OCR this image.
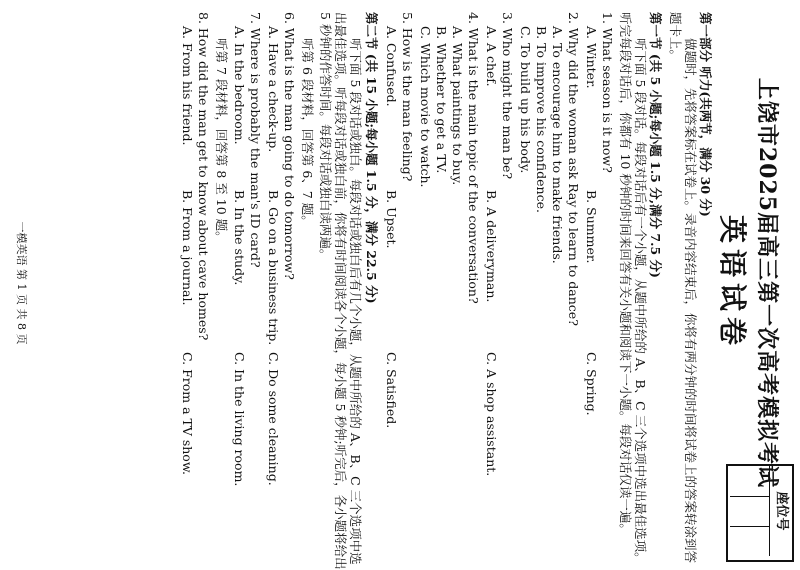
上饶市2025届高三第一次高考模拟考试
英语试卷
座位号
第一部分 听力(共两节，满分 30 分)
做题时，先将答案标在试卷上。录音内容结束后，你将有两分钟的时间将试卷上的答案转涂到答
题卡上。
第一节 (共 5 小题;每小题 1.5 分,满分 7.5 分)
听下面 5 段对话。每段对话后有一个小题，从题中所给的 A、B、C 三个选项中选出最佳选项。
听完每段对话后，你都有 10 秒钟的时间来回答有关小题和阅读下一小题。每段对话仅读一遍。
1. What season is it now?
A. Winter.
B. Summer.
C. Spring.
2. Why did the woman ask Ray to learn to dance?
A. To encourage him to make friends.
B. To improve his confidence.
C. To build up his body.
3. Who might the man be?
A. A chef.
B. A deliveryman.
C. A shop assistant.
4. What is the main topic of the conversation?
A. What paintings to buy.
B. Whether to get a TV.
C. Which movie to watch.
5. How is the man feeling?
A. Confused.
B. Upset.
C. Satisfied.
第二节 (共 15 小题;每小题 1.5 分，满分 22.5 分)
听下面 5 段对话或独白。每段对话或独白后有几个小题，从题中所给的 A、B、C 三个选项中选
出最佳选项。听每段对话或独白前，你将有时间阅读各个小题，每小题 5 秒钟;听完后，各小题将给出
5 秒钟的作答时间。每段对话或独白读两遍。
听第 6 段材料，回答第 6、7 题。
6. What is the man going to do tomorrow?
A. Have a check-up.
B. Go on a business trip.
C. Do some cleaning.
7. Where is probably the man's ID card?
A. In the bedroom.
B. In the study.
C. In the living room.
听第 7 段材料，回答第 8 至 10 题。
8. How did the man get to know about cave homes?
A. From his friend.
B. From a journal.
C. From a TV show.
一模英语 第 1 页 共 8 页
